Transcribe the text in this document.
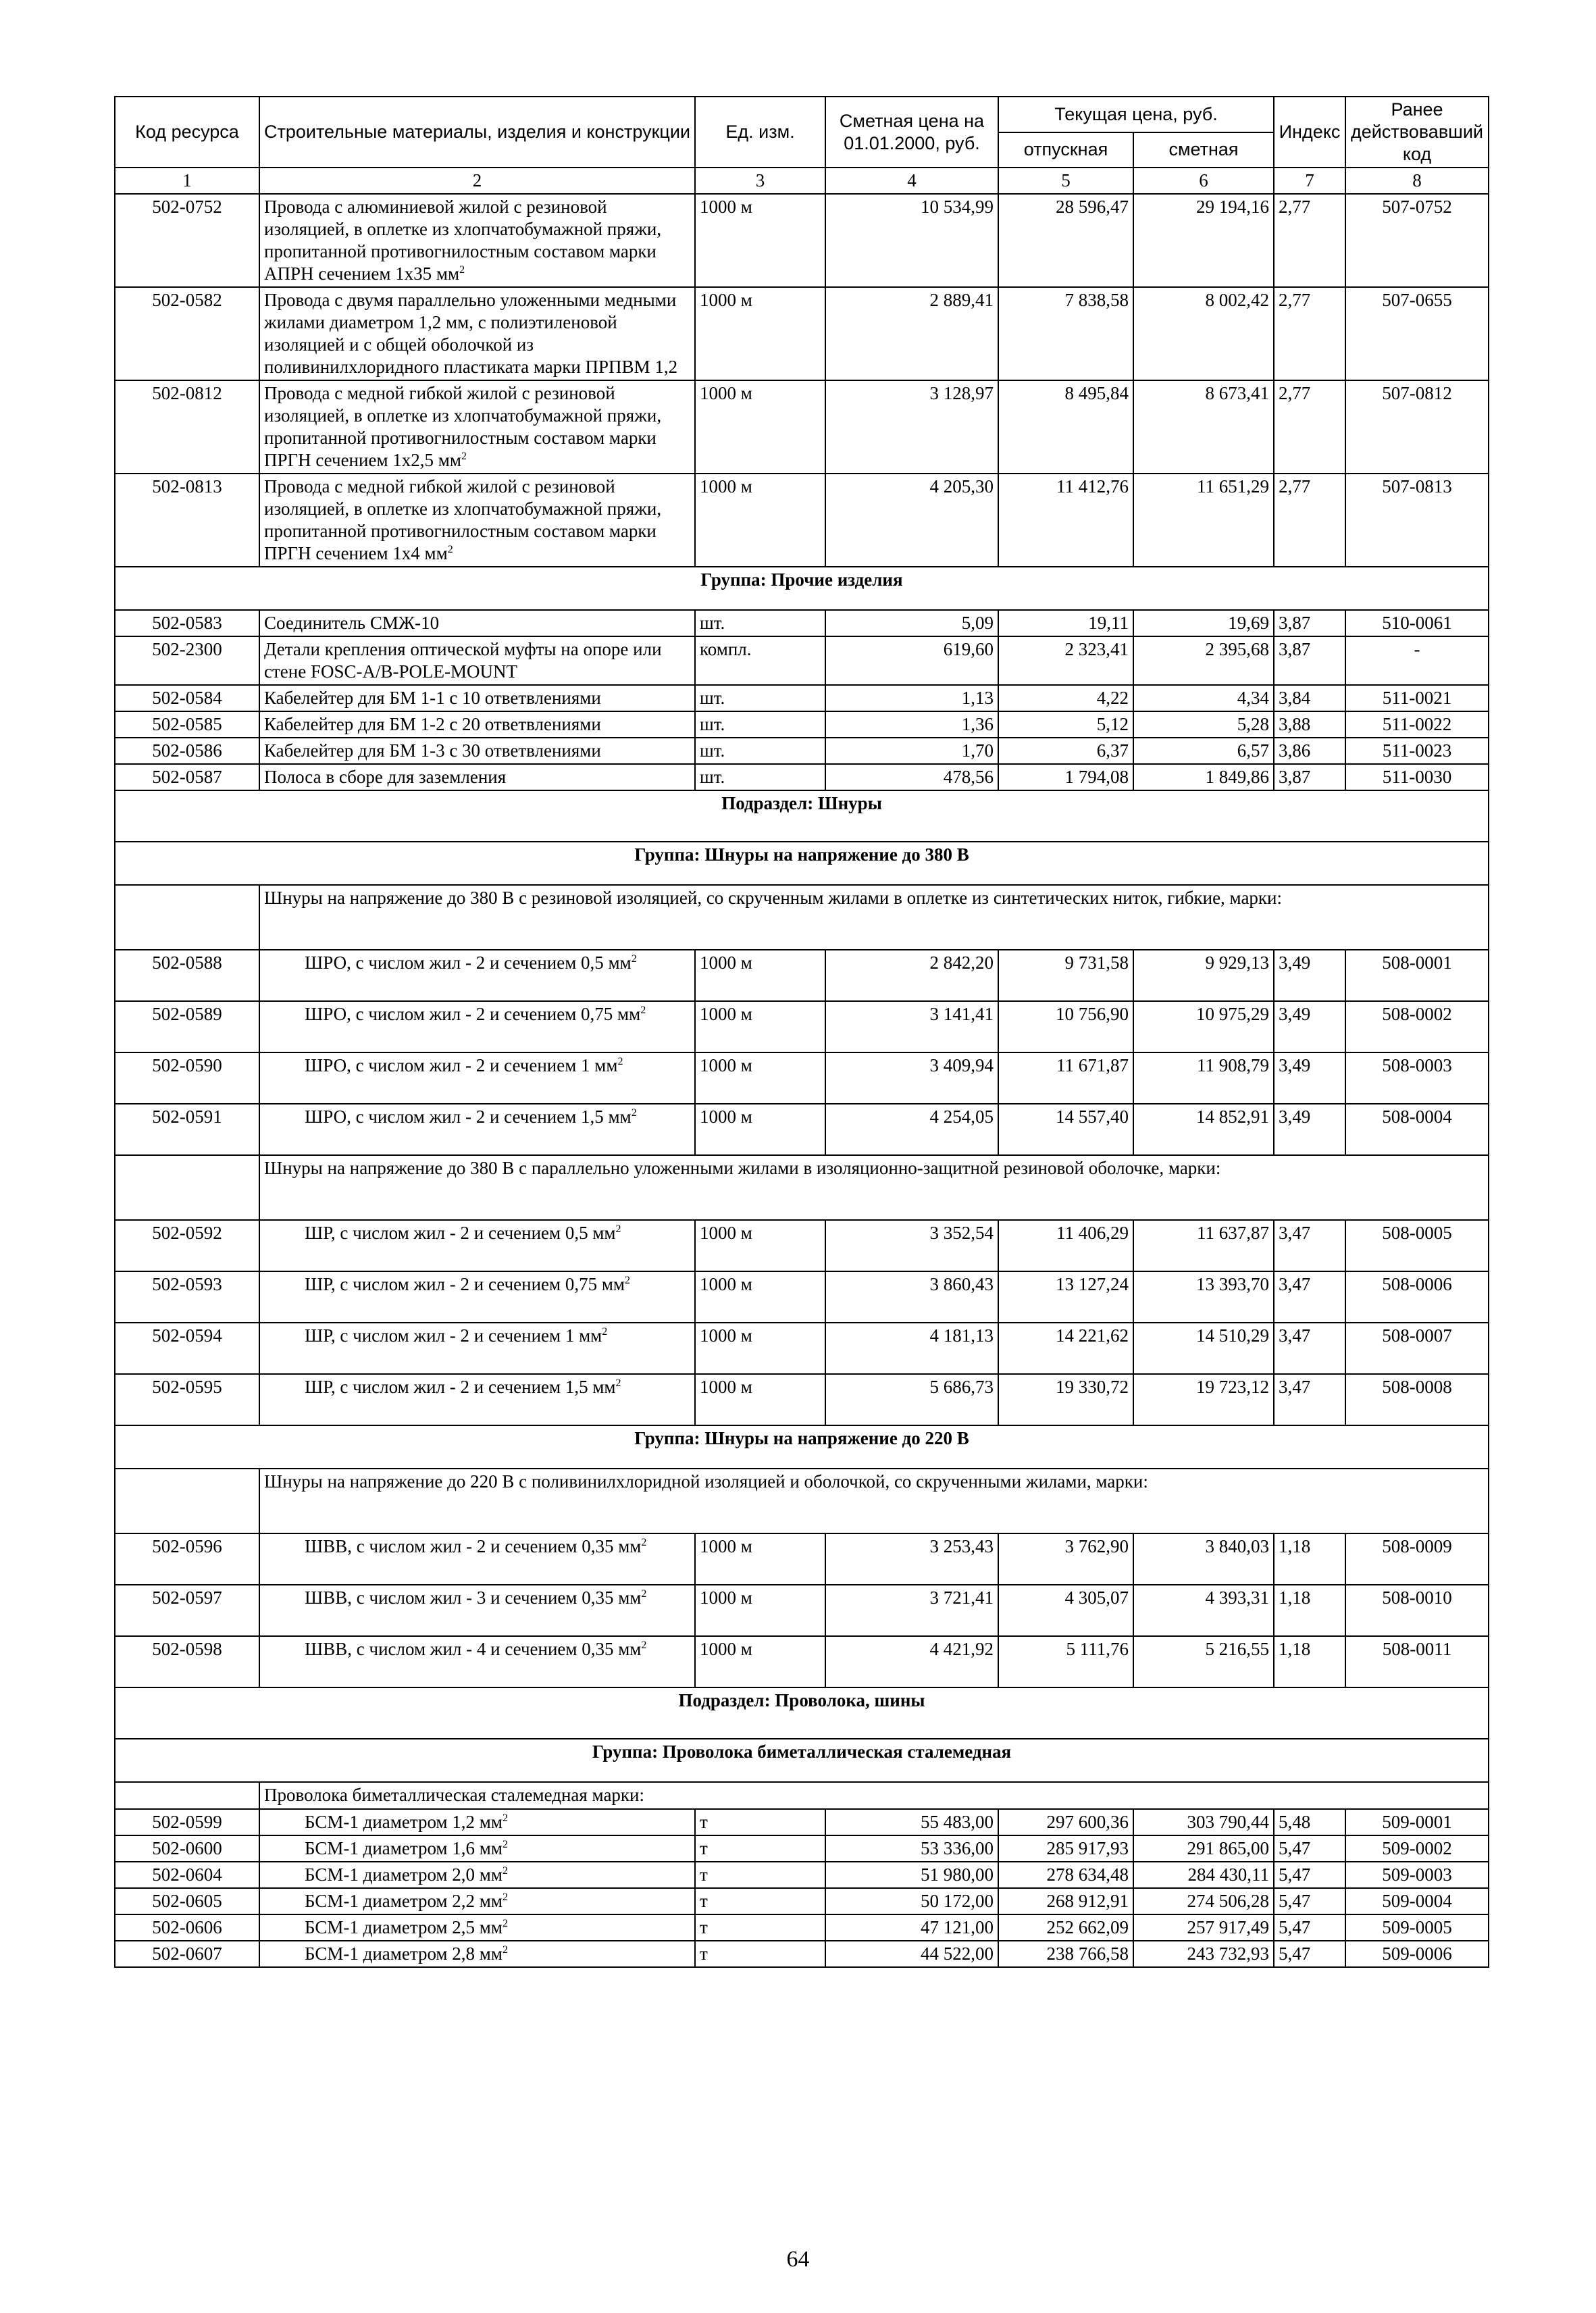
Код ресурса	Строительные материалы, изделия и конструкции	Ед. изм.	Сметная цена на 01.01.2000, руб.	Текущая цена, руб.		Индекс	Ранее действовавший код
				отпускная	сметная		
1	2	3	4	5	6	7	8
502-0752	Провода с алюминиевой жилой с резиновой изоляцией, в оплетке из хлопчатобумажной пряжи, пропитанной противогнилостным составом марки АПРН сечением 1х35 $мм^2$	1000 м	10 534,99	28 596,47	29 194,16	2,77	507-0752
502-0582	Провода с двумя параллельно уложенными медными жилами диаметром 1,2 мм, с полиэтиленовой изоляцией и с общей оболочкой из поливинилхлоридного пластиката марки ПРПВМ 1,2	1000 м	2 889,41	7 838,58	8 002,42	2,77	507-0655
502-0812	Провода с медной гибкой жилой с резиновой изоляцией, в оплетке из хлопчатобумажной пряжи, пропитанной противогнилостным составом марки ПРГН сечением 1х2,5 $мм^2$	1000 м	3 128,97	8 495,84	8 673,41	2,77	507-0812
502-0813	Провода с медной гибкой жилой с резиновой изоляцией, в оплетке из хлопчатобумажной пряжи, пропитанной противогнилостным составом марки ПРГН сечением 1х4 $мм^2$	1000 м	4 205,30	11 412,76	11 651,29	2,77	507-0813
Группа: Прочие изделия							
502-0583	Соединитель СМЖ-10	шт.	5,09	19,11	19,69	3,87	510-0061
502-2300	Детали крепления оптической муфты на опоре или стене FOSC-A/B-POLE-MOUNT	компл.	619,60	2 323,41	2 395,68	3,87	-
502-0584	Кабелейтер для БМ 1-1 с 10 ответвлениями	шт.	1,13	4,22	4,34	3,84	511-0021
502-0585	Кабелейтер для БМ 1-2 с 20 ответвлениями	шт.	1,36	5,12	5,28	3,88	511-0022
502-0586	Кабелейтер для БМ 1-3 с 30 ответвлениями	шт.	1,70	6,37	6,57	3,86	511-0023
502-0587	Полоса в сборе для заземления	шт.	478,56	1 794,08	1 849,86	3,87	511-0030
Подраздел: Шнуры							
Группа: Шнуры на напряжение до 380 В							
	Шнуры на напряжение до 380 В с резиновой изоляцией, со скрученным жилами в оплетке из синтетических ниток, гибкие, марки:						
502-0588	ШРО, с числом жил - 2 и сечением 0,5 $мм^2$	1000 м	2 842,20	9 731,58	9 929,13	3,49	508-0001
502-0589	ШРО, с числом жил - 2 и сечением 0,75 $мм^2$	1000 м	3 141,41	10 756,90	10 975,29	3,49	508-0002
502-0590	ШРО, с числом жил - 2 и сечением 1 $мм^2$	1000 м	3 409,94	11 671,87	11 908,79	3,49	508-0003
502-0591	ШРО, с числом жил - 2 и сечением 1,5 $мм^2$	1000 м	4 254,05	14 557,40	14 852,91	3,49	508-0004
	Шнуры на напряжение до 380 В с параллельно уложенными жилами в изоляционно-защитной резиновой оболочке, марки:						
502-0592	ШР, с числом жил - 2 и сечением 0,5 $мм^2$	1000 м	3 352,54	11 406,29	11 637,87	3,47	508-0005
502-0593	ШР, с числом жил - 2 и сечением 0,75 $мм^2$	1000 м	3 860,43	13 127,24	13 393,70	3,47	508-0006
502-0594	ШР, с числом жил - 2 и сечением 1 $мм^2$	1000 м	4 181,13	14 221,62	14 510,29	3,47	508-0007
502-0595	ШР, с числом жил - 2 и сечением 1,5 $мм^2$	1000 м	5 686,73	19 330,72	19 723,12	3,47	508-0008
Группа: Шнуры на напряжение до 220 В							
	Шнуры на напряжение до 220 В с поливинилхлоридной изоляцией и оболочкой, со скрученными жилами, марки:						
502-0596	ШВВ, с числом жил - 2 и сечением 0,35 $мм^2$	1000 м	3 253,43	3 762,90	3 840,03	1,18	508-0009
502-0597	ШВВ, с числом жил - 3 и сечением 0,35 $мм^2$	1000 м	3 721,41	4 305,07	4 393,31	1,18	508-0010
502-0598	ШВВ, с числом жил - 4 и сечением 0,35 $мм^2$	1000 м	4 421,92	5 111,76	5 216,55	1,18	508-0011
Подраздел: Проволока, шины							
Группа: Проволока биметаллическая сталемедная							
	Проволока биметаллическая сталемедная марки:						
502-0599	БСМ-1 диаметром 1,2 $мм^2$	т	55 483,00	297 600,36	303 790,44	5,48	509-0001
502-0600	БСМ-1 диаметром 1,6 $мм^2$	т	53 336,00	285 917,93	291 865,00	5,47	509-0002
502-0604	БСМ-1 диаметром 2,0 $мм^2$	т	51 980,00	278 634,48	284 430,11	5,47	509-0003
502-0605	БСМ-1 диаметром 2,2 $мм^2$	т	50 172,00	268 912,91	274 506,28	5,47	509-0004
502-0606	БСМ-1 диаметром 2,5 $мм^2$	т	47 121,00	252 662,09	257 917,49	5,47	509-0005
502-0607	БСМ-1 диаметром 2,8 $мм^2$	т	44 522,00	238 766,58	243 732,93	5,47	509-0006
64
